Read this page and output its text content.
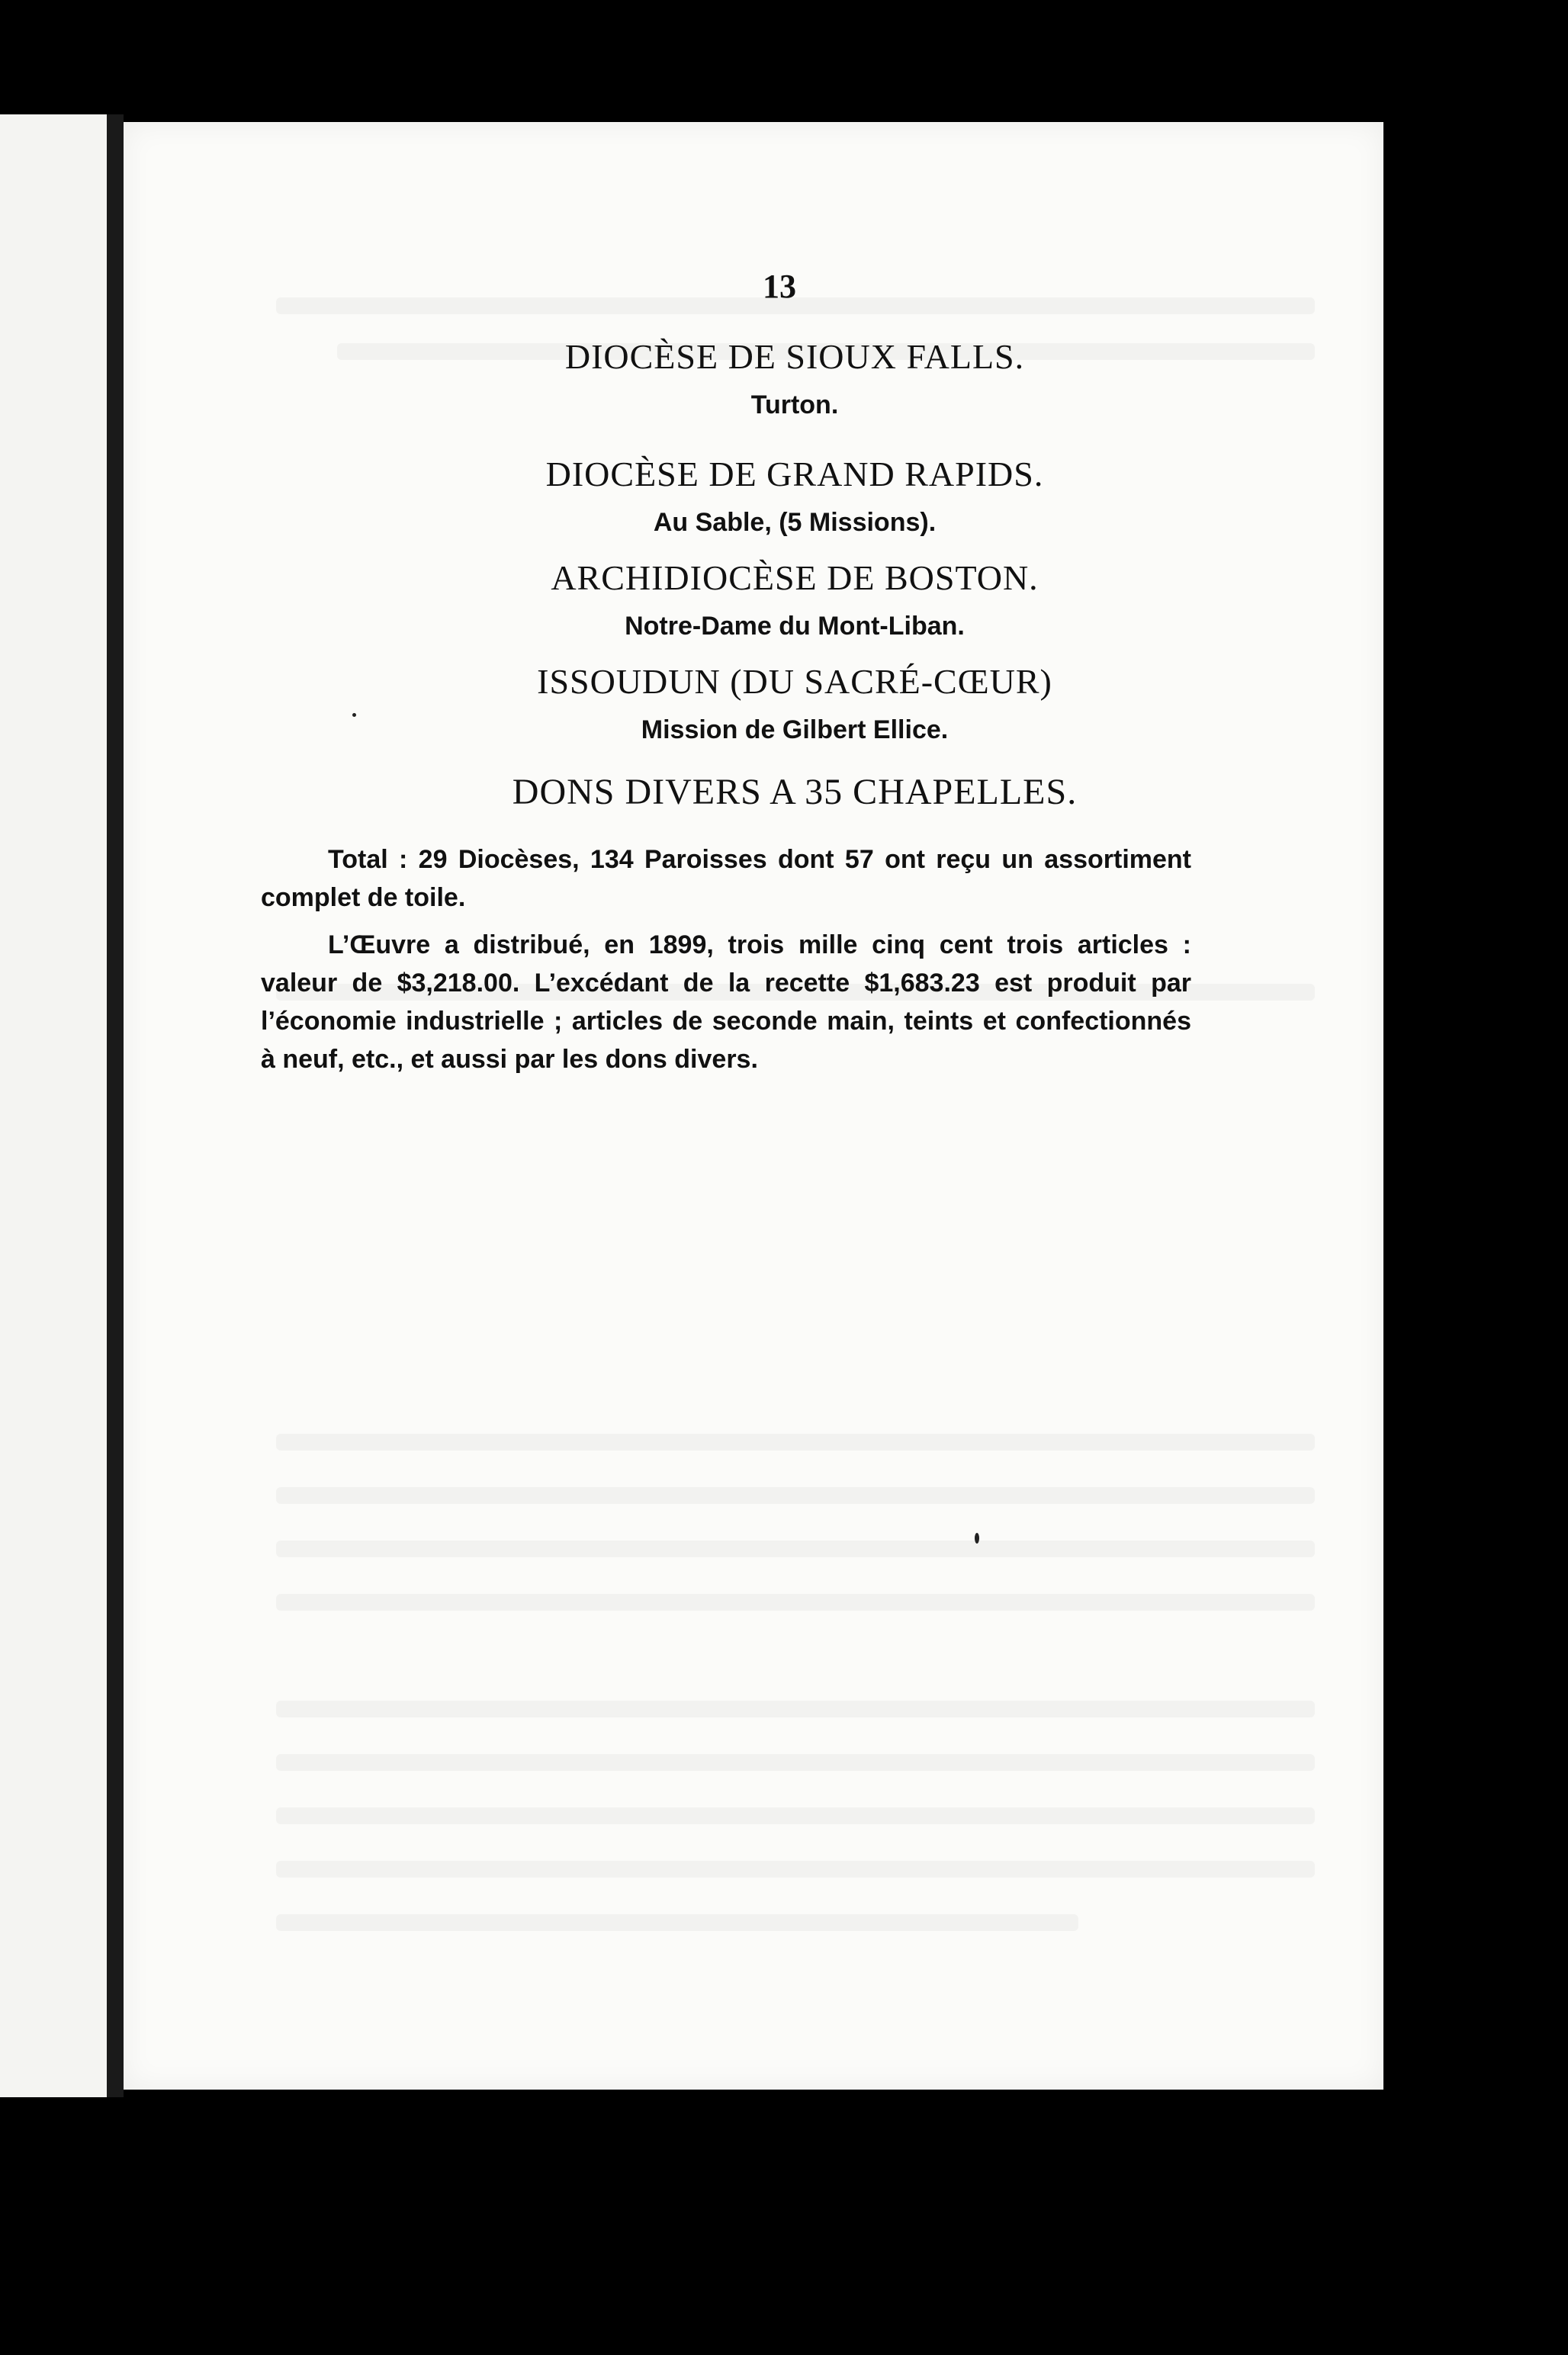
13
DIOCÈSE DE SIOUX FALLS.
Turton.
DIOCÈSE DE GRAND RAPIDS.
Au Sable, (5 Missions).
ARCHIDIOCÈSE DE BOSTON.
Notre-Dame du Mont-Liban.
ISSOUDUN (DU SACRÉ-CŒUR)
Mission de Gilbert Ellice.
DONS DIVERS A 35 CHAPELLES.

Total : 29 Diocèses, 134 Paroisses dont 57 ont reçu un assortiment complet de toile.

L’Œuvre a distribué, en 1899, trois mille cinq cent trois articles : valeur de $3,218.00. L’excédant de la recette $1,683.23 est produit par l’économie industrielle ; articles de seconde main, teints et confectionnés à neuf, etc., et aussi par les dons divers.
